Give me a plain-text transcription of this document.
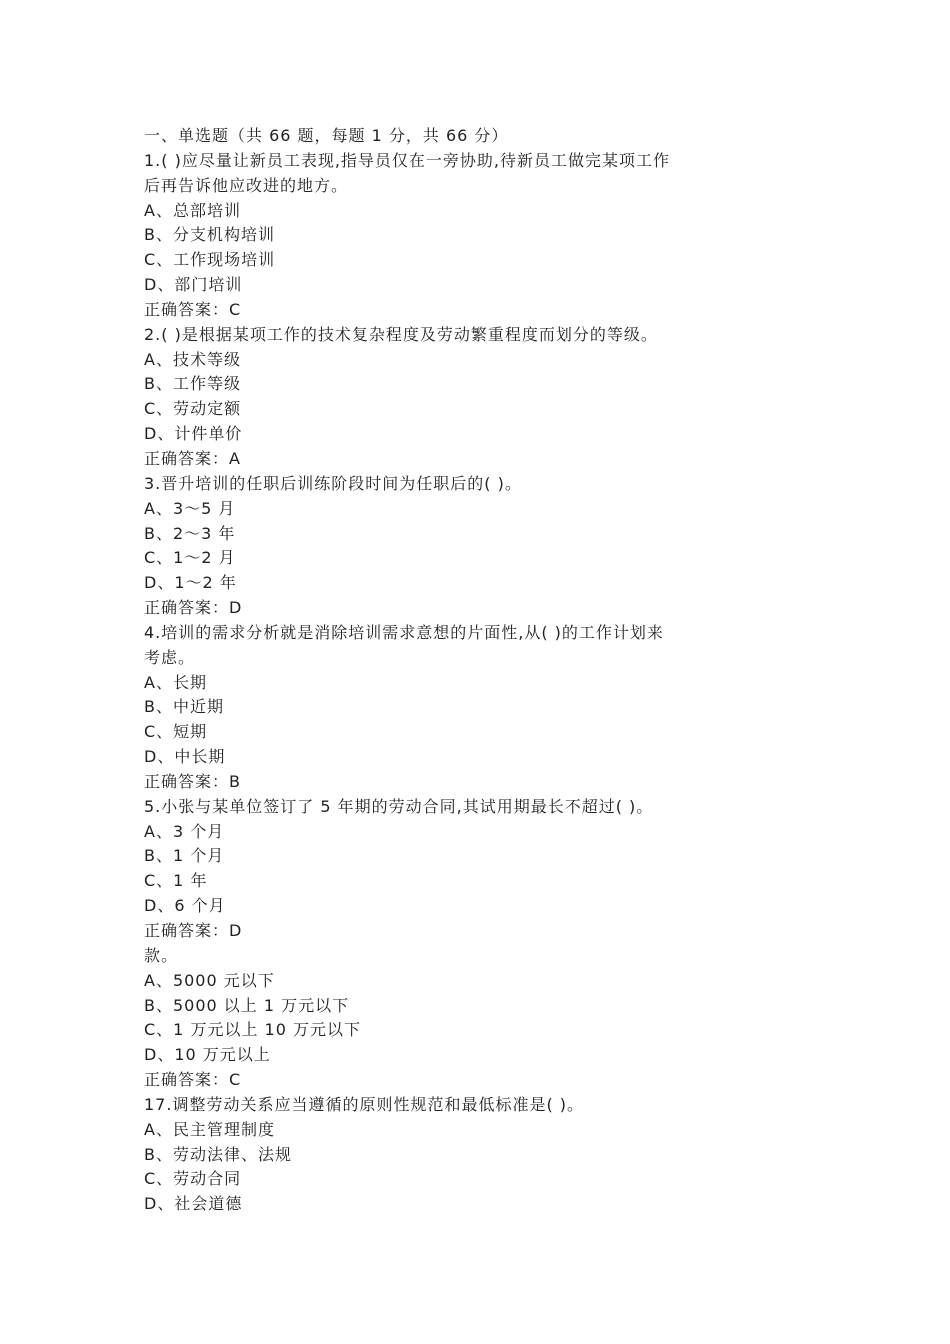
一、单选题（共 66 题，每题 1 分，共 66 分）
1.( )应尽量让新员工表现,指导员仅在一旁协助,待新员工做完某项工作
后再告诉他应改进的地方。
A、总部培训
B、分支机构培训
C、工作现场培训
D、部门培训
正确答案：C
2.( )是根据某项工作的技术复杂程度及劳动繁重程度而划分的等级。
A、技术等级
B、工作等级
C、劳动定额
D、计件单价
正确答案：A
3.晋升培训的任职后训练阶段时间为任职后的( )。
A、3～5 月
B、2～3 年
C、1～2 月
D、1～2 年
正确答案：D
4.培训的需求分析就是消除培训需求意想的片面性,从( )的工作计划来
考虑。
A、长期
B、中近期
C、短期
D、中长期
正确答案：B
5.小张与某单位签订了 5 年期的劳动合同,其试用期最长不超过( )。
A、3 个月
B、1 个月
C、1 年
D、6 个月
正确答案：D
款。
A、5000 元以下
B、5000 以上 1 万元以下
C、1 万元以上 10 万元以下
D、10 万元以上
正确答案：C
17.调整劳动关系应当遵循的原则性规范和最低标准是( )。
A、民主管理制度
B、劳动法律、法规
C、劳动合同
D、社会道德
